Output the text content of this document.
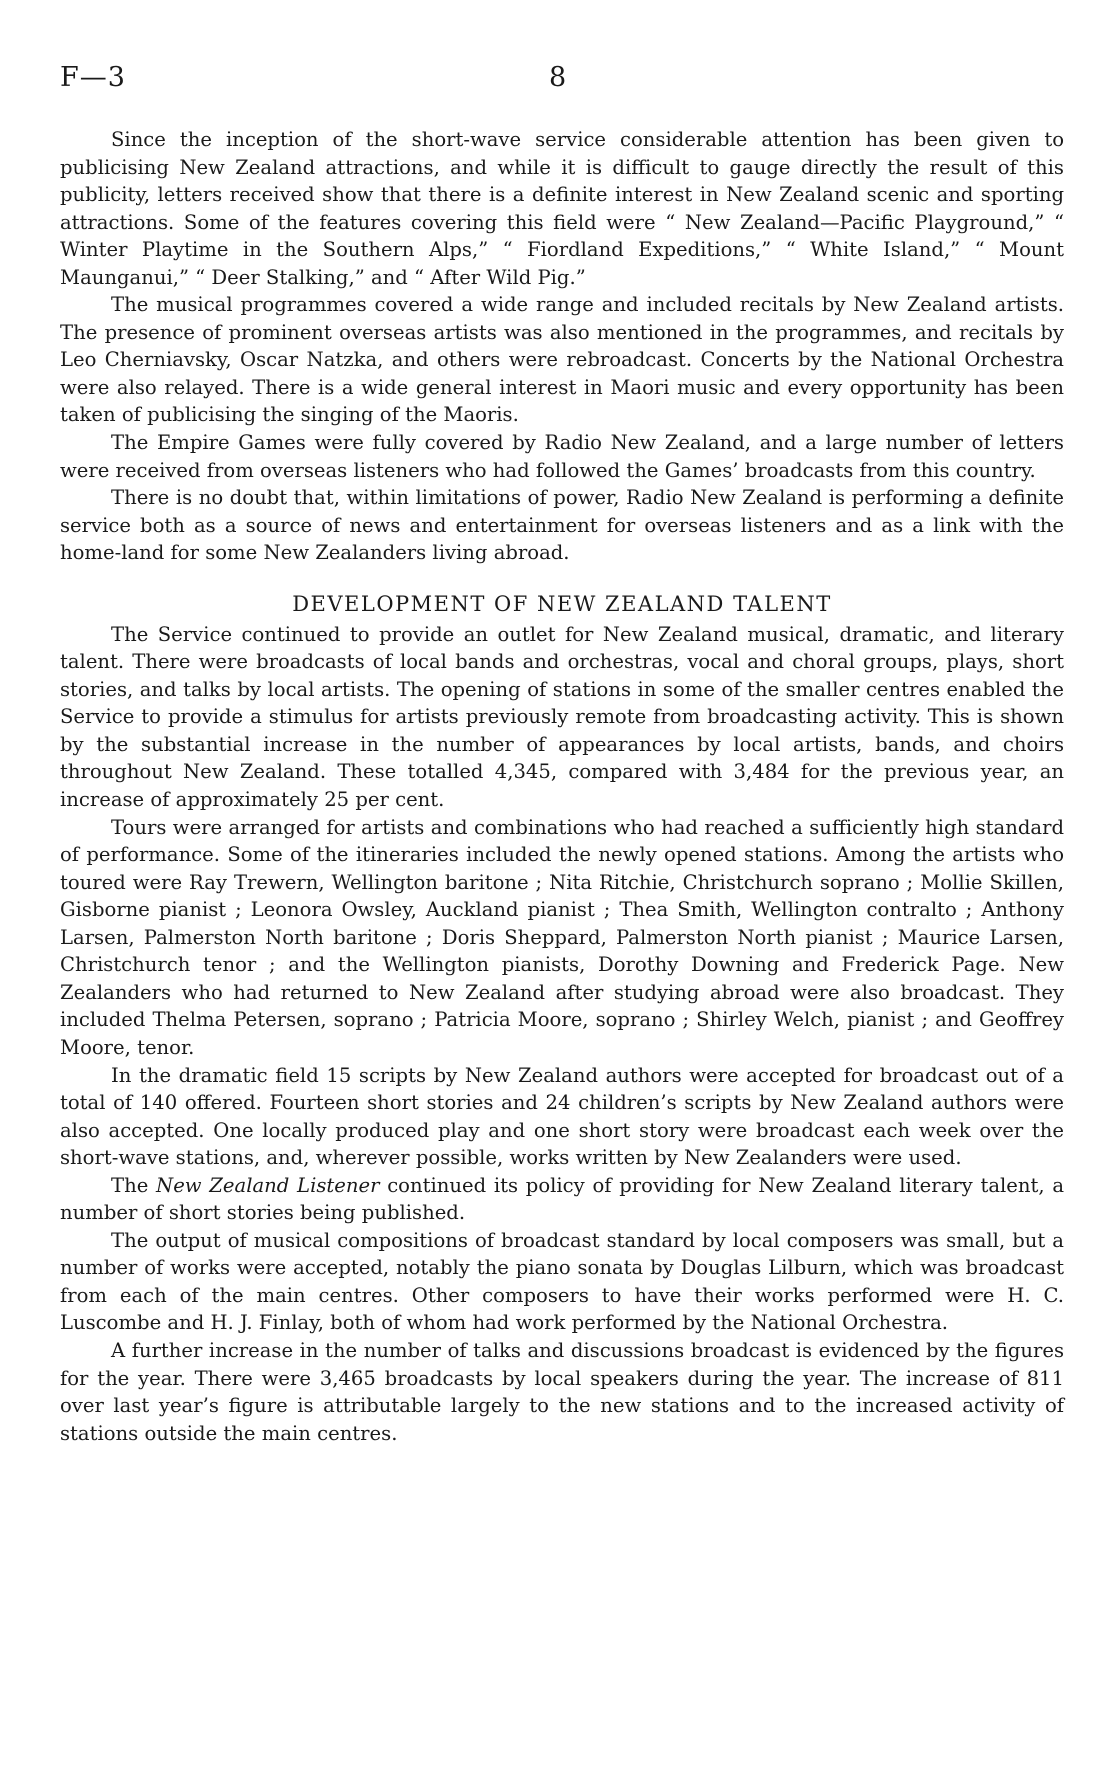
F—3	8

Since the inception of the short-wave service considerable attention has been given to publicising New Zealand attractions, and while it is difficult to gauge directly the result of this publicity, letters received show that there is a definite interest in New Zealand scenic and sporting attractions. Some of the features covering this field were “ New Zealand—Pacific Playground,” “ Winter Playtime in the Southern Alps,” “ Fiordland Expeditions,” “ White Island,” “ Mount Maunganui,” “ Deer Stalking,” and “ After Wild Pig.”

The musical programmes covered a wide range and included recitals by New Zealand artists. The presence of prominent overseas artists was also mentioned in the programmes, and recitals by Leo Cherniavsky, Oscar Natzka, and others were rebroadcast. Concerts by the National Orchestra were also relayed. There is a wide general interest in Maori music and every opportunity has been taken of publicising the singing of the Maoris.

The Empire Games were fully covered by Radio New Zealand, and a large number of letters were received from overseas listeners who had followed the Games’ broadcasts from this country.

There is no doubt that, within limitations of power, Radio New Zealand is performing a definite service both as a source of news and entertainment for overseas listeners and as a link with the home-land for some New Zealanders living abroad.

DEVELOPMENT OF NEW ZEALAND TALENT

The Service continued to provide an outlet for New Zealand musical, dramatic, and literary talent. There were broadcasts of local bands and orchestras, vocal and choral groups, plays, short stories, and talks by local artists. The opening of stations in some of the smaller centres enabled the Service to provide a stimulus for artists previously remote from broadcasting activity. This is shown by the substantial increase in the number of appearances by local artists, bands, and choirs throughout New Zealand. These totalled 4,345, compared with 3,484 for the previous year, an increase of approximately 25 per cent.

Tours were arranged for artists and combinations who had reached a sufficiently high standard of performance. Some of the itineraries included the newly opened stations. Among the artists who toured were Ray Trewern, Wellington baritone ; Nita Ritchie, Christchurch soprano ; Mollie Skillen, Gisborne pianist ; Leonora Owsley, Auckland pianist ; Thea Smith, Wellington contralto ; Anthony Larsen, Palmerston North baritone ; Doris Sheppard, Palmerston North pianist ; Maurice Larsen, Christchurch tenor ; and the Wellington pianists, Dorothy Downing and Frederick Page. New Zealanders who had returned to New Zealand after studying abroad were also broadcast. They included Thelma Petersen, soprano ; Patricia Moore, soprano ; Shirley Welch, pianist ; and Geoffrey Moore, tenor.

In the dramatic field 15 scripts by New Zealand authors were accepted for broadcast out of a total of 140 offered. Fourteen short stories and 24 children’s scripts by New Zealand authors were also accepted. One locally produced play and one short story were broadcast each week over the short-wave stations, and, wherever possible, works written by New Zealanders were used.

The New Zealand Listener continued its policy of providing for New Zealand literary talent, a number of short stories being published.

The output of musical compositions of broadcast standard by local composers was small, but a number of works were accepted, notably the piano sonata by Douglas Lilburn, which was broadcast from each of the main centres. Other composers to have their works performed were H. C. Luscombe and H. J. Finlay, both of whom had work performed by the National Orchestra.

A further increase in the number of talks and discussions broadcast is evidenced by the figures for the year. There were 3,465 broadcasts by local speakers during the year. The increase of 811 over last year’s figure is attributable largely to the new stations and to the increased activity of stations outside the main centres.
